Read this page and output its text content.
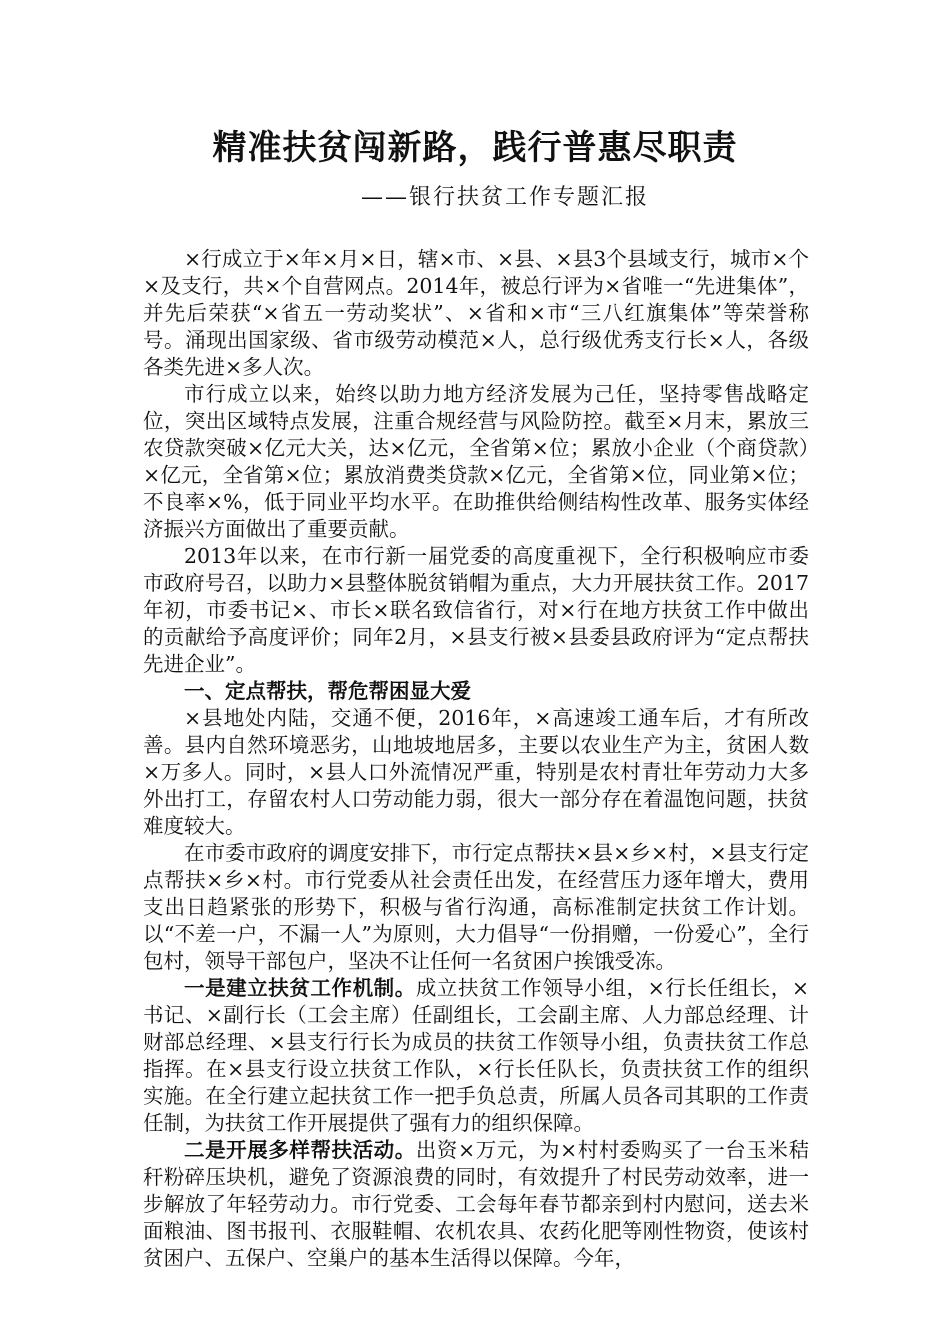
精准扶贫闯新路，践行普惠尽职责
——银行扶贫工作专题汇报

×行成立于×年×月×日，辖×市、×县、×县3个县域支行，城市×个×及支行，共×个自营网点。2014年，被总行评为×省唯一“先进集体”，并先后荣获“×省五一劳动奖状”、×省和×市“三八红旗集体”等荣誉称号。涌现出国家级、省市级劳动模范×人，总行级优秀支行长×人，各级各类先进×多人次。

市行成立以来，始终以助力地方经济发展为己任，坚持零售战略定位，突出区域特点发展，注重合规经营与风险防控。截至×月末，累放三农贷款突破×亿元大关，达×亿元，全省第×位；累放小企业（个商贷款）×亿元，全省第×位；累放消费类贷款×亿元，全省第×位，同业第×位；不良率×%，低于同业平均水平。在助推供给侧结构性改革、服务实体经济振兴方面做出了重要贡献。

2013年以来，在市行新一届党委的高度重视下，全行积极响应市委市政府号召，以助力×县整体脱贫销帽为重点，大力开展扶贫工作。2017年初，市委书记×、市长×联名致信省行，对×行在地方扶贫工作中做出的贡献给予高度评价；同年2月，×县支行被×县委县政府评为“定点帮扶先进企业”。

一、定点帮扶，帮危帮困显大爱

×县地处内陆，交通不便，2016年，×高速竣工通车后，才有所改善。县内自然环境恶劣，山地坡地居多，主要以农业生产为主，贫困人数×万多人。同时，×县人口外流情况严重，特别是农村青壮年劳动力大多外出打工，存留农村人口劳动能力弱，很大一部分存在着温饱问题，扶贫难度较大。

在市委市政府的调度安排下，市行定点帮扶×县×乡×村，×县支行定点帮扶×乡×村。市行党委从社会责任出发，在经营压力逐年增大，费用支出日趋紧张的形势下，积极与省行沟通，高标准制定扶贫工作计划。以“不差一户，不漏一人”为原则，大力倡导“一份捐赠，一份爱心”，全行包村，领导干部包户，坚决不让任何一名贫困户挨饿受冻。

一是建立扶贫工作机制。成立扶贫工作领导小组，×行长任组长，×书记、×副行长（工会主席）任副组长，工会副主席、人力部总经理、计财部总经理、×县支行行长为成员的扶贫工作领导小组，负责扶贫工作总指挥。在×县支行设立扶贫工作队，×行长任队长，负责扶贫工作的组织实施。在全行建立起扶贫工作一把手负总责，所属人员各司其职的工作责任制，为扶贫工作开展提供了强有力的组织保障。

二是开展多样帮扶活动。出资×万元，为×村村委购买了一台玉米秸秆粉碎压块机，避免了资源浪费的同时，有效提升了村民劳动效率，进一步解放了年轻劳动力。市行党委、工会每年春节都亲到村内慰问，送去米面粮油、图书报刊、衣服鞋帽、农机农具、农药化肥等刚性物资，使该村贫困户、五保户、空巢户的基本生活得以保障。今年，
